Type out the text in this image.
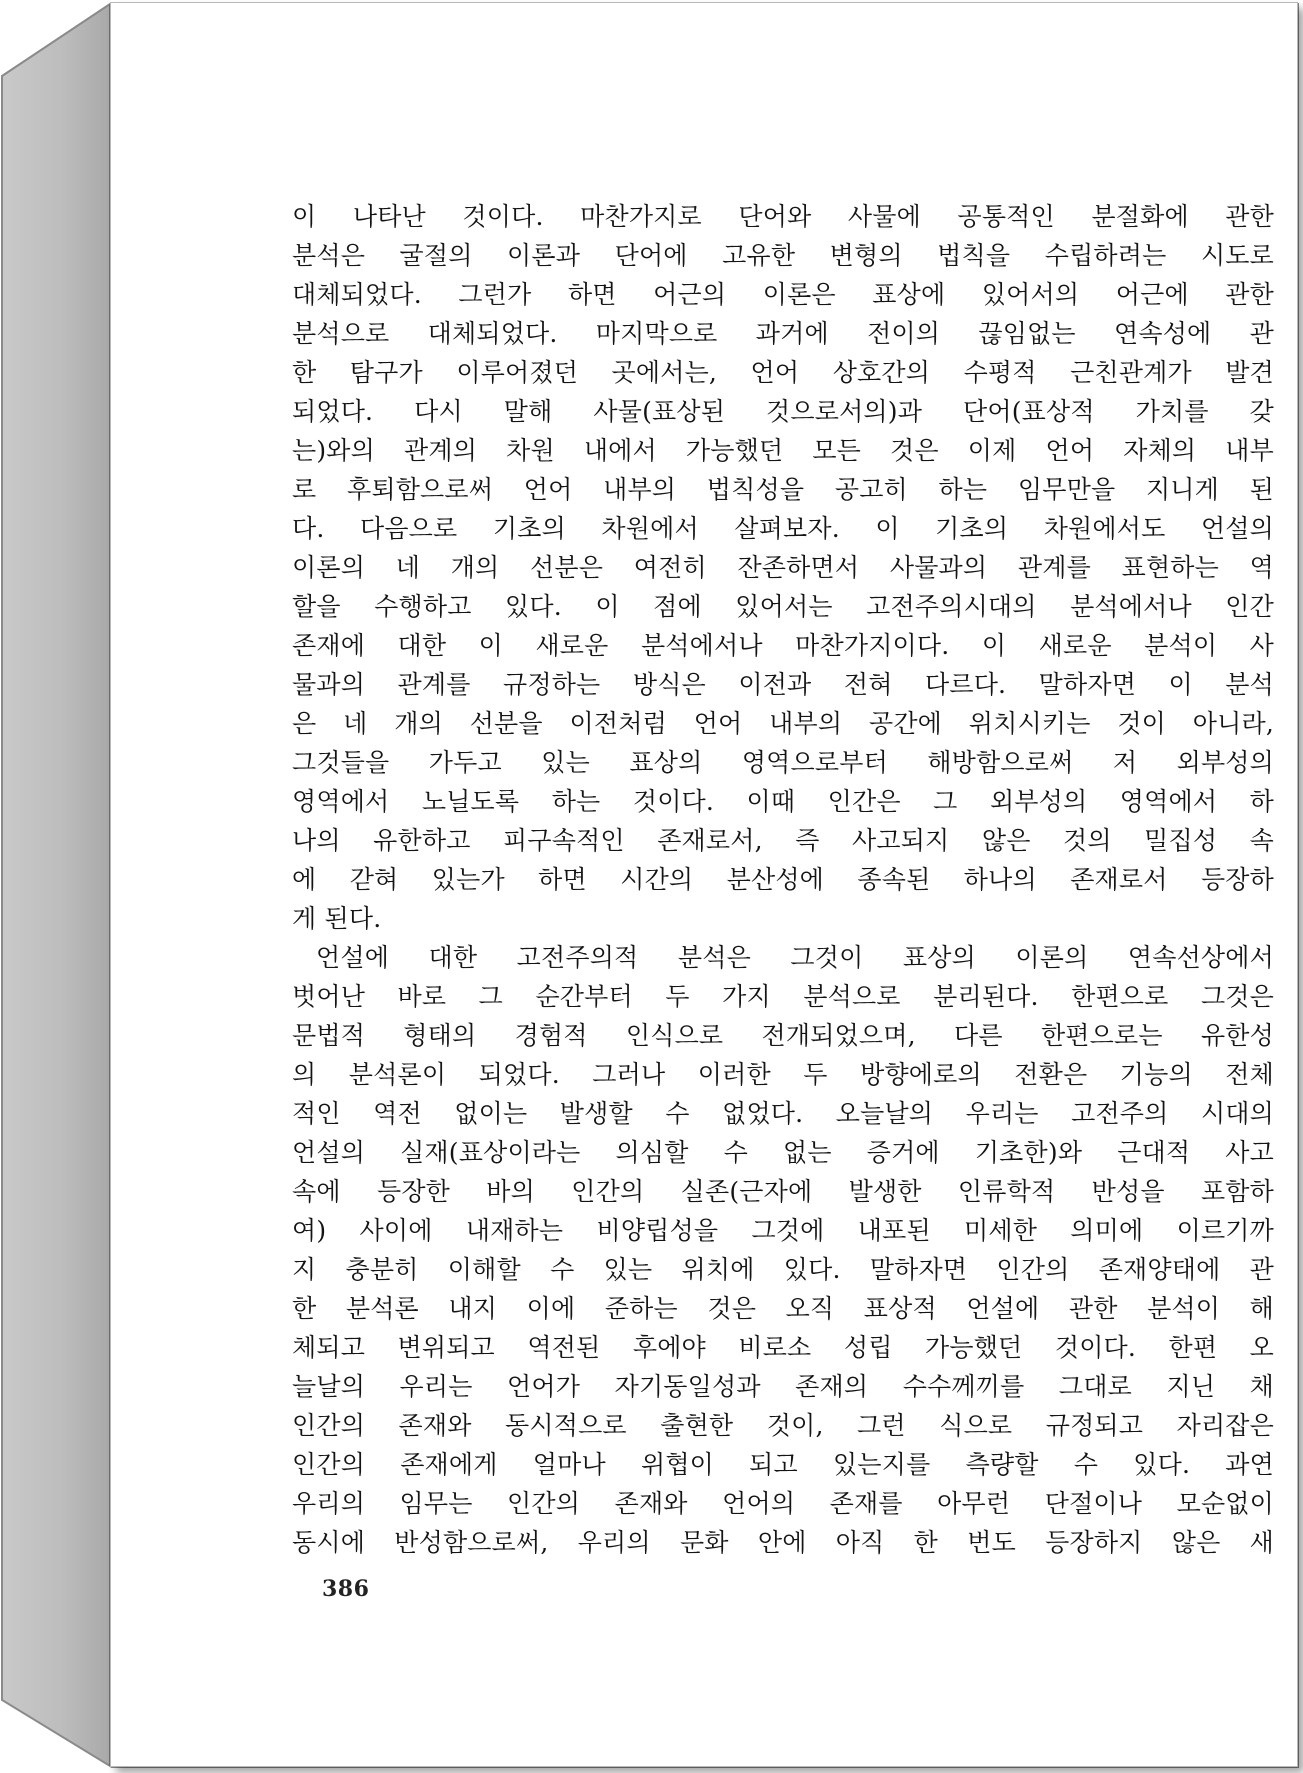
이 나타난 것이다. 마찬가지로 단어와 사물에 공통적인 분절화에 관한
분석은 굴절의 이론과 단어에 고유한 변형의 법칙을 수립하려는 시도로
대체되었다. 그런가 하면 어근의 이론은 표상에 있어서의 어근에 관한
분석으로 대체되었다. 마지막으로 과거에 전이의 끊임없는 연속성에 관
한 탐구가 이루어졌던 곳에서는, 언어 상호간의 수평적 근친관계가 발견
되었다. 다시 말해 사물(표상된 것으로서의)과 단어(표상적 가치를 갖
는)와의 관계의 차원 내에서 가능했던 모든 것은 이제 언어 자체의 내부
로 후퇴함으로써 언어 내부의 법칙성을 공고히 하는 임무만을 지니게 된
다. 다음으로 기초의 차원에서 살펴보자. 이 기초의 차원에서도 언설의
이론의 네 개의 선분은 여전히 잔존하면서 사물과의 관계를 표현하는 역
할을 수행하고 있다. 이 점에 있어서는 고전주의시대의 분석에서나 인간
존재에 대한 이 새로운 분석에서나 마찬가지이다. 이 새로운 분석이 사
물과의 관계를 규정하는 방식은 이전과 전혀 다르다. 말하자면 이 분석
은 네 개의 선분을 이전처럼 언어 내부의 공간에 위치시키는 것이 아니라,
그것들을 가두고 있는 표상의 영역으로부터 해방함으로써 저 외부성의
영역에서 노닐도록 하는 것이다. 이때 인간은 그 외부성의 영역에서 하
나의 유한하고 피구속적인 존재로서, 즉 사고되지 않은 것의 밀집성 속
에 갇혀 있는가 하면 시간의 분산성에 종속된 하나의 존재로서 등장하
게 된다.
언설에 대한 고전주의적 분석은 그것이 표상의 이론의 연속선상에서
벗어난 바로 그 순간부터 두 가지 분석으로 분리된다. 한편으로 그것은
문법적 형태의 경험적 인식으로 전개되었으며, 다른 한편으로는 유한성
의 분석론이 되었다. 그러나 이러한 두 방향에로의 전환은 기능의 전체
적인 역전 없이는 발생할 수 없었다. 오늘날의 우리는 고전주의 시대의
언설의 실재(표상이라는 의심할 수 없는 증거에 기초한)와 근대적 사고
속에 등장한 바의 인간의 실존(근자에 발생한 인류학적 반성을 포함하
여) 사이에 내재하는 비양립성을 그것에 내포된 미세한 의미에 이르기까
지 충분히 이해할 수 있는 위치에 있다. 말하자면 인간의 존재양태에 관
한 분석론 내지 이에 준하는 것은 오직 표상적 언설에 관한 분석이 해
체되고 변위되고 역전된 후에야 비로소 성립 가능했던 것이다. 한편 오
늘날의 우리는 언어가 자기동일성과 존재의 수수께끼를 그대로 지닌 채
인간의 존재와 동시적으로 출현한 것이, 그런 식으로 규정되고 자리잡은
인간의 존재에게 얼마나 위협이 되고 있는지를 측량할 수 있다. 과연
우리의 임무는 인간의 존재와 언어의 존재를 아무런 단절이나 모순없이
동시에 반성함으로써, 우리의 문화 안에 아직 한 번도 등장하지 않은 새
386
